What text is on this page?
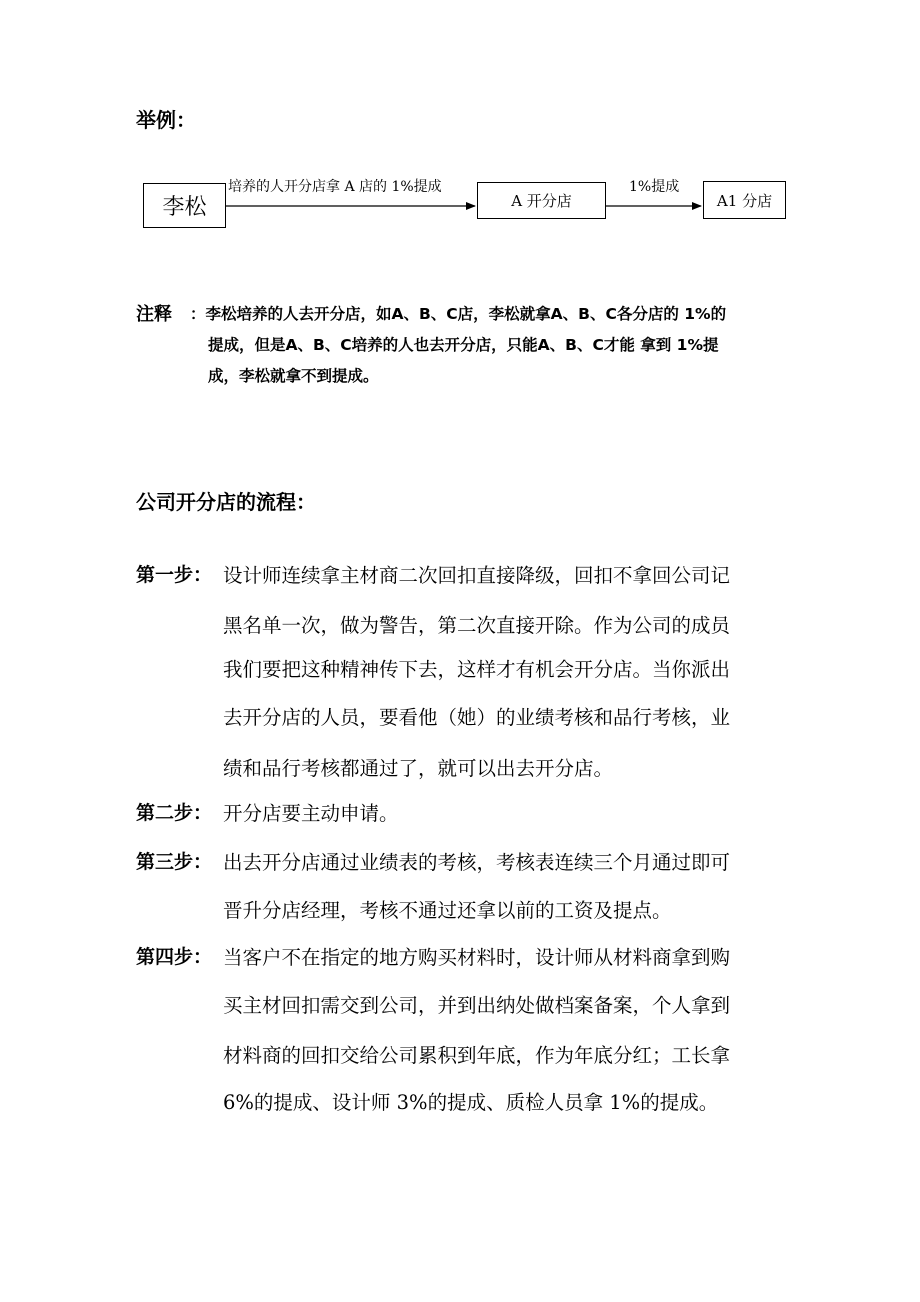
举例：
李松
培养的人开分店拿 A 店的 1%提成
A 开分店
1%提成
A1 分店
注释 ：李松培养的人去开分店，如A、B、C店，李松就拿A、B、C各分店的 1%的
提成，但是A、B、C培养的人也去开分店，只能A、B、C才能 拿到 1%提
成，李松就拿不到提成。
公司开分店的流程：
第一步： 设计师连续拿主材商二次回扣直接降级，回扣不拿回公司记
黑名单一次，做为警告，第二次直接开除。作为公司的成员
我们要把这种精神传下去，这样才有机会开分店。当你派出
去开分店的人员，要看他（她）的业绩考核和品行考核，业
绩和品行考核都通过了，就可以出去开分店。
第二步： 开分店要主动申请。
第三步： 出去开分店通过业绩表的考核，考核表连续三个月通过即可
晋升分店经理，考核不通过还拿以前的工资及提点。
第四步： 当客户不在指定的地方购买材料时，设计师从材料商拿到购
买主材回扣需交到公司，并到出纳处做档案备案，个人拿到
材料商的回扣交给公司累积到年底，作为年底分红；工长拿
6%的提成、设计师 3%的提成、质检人员拿 1%的提成。
